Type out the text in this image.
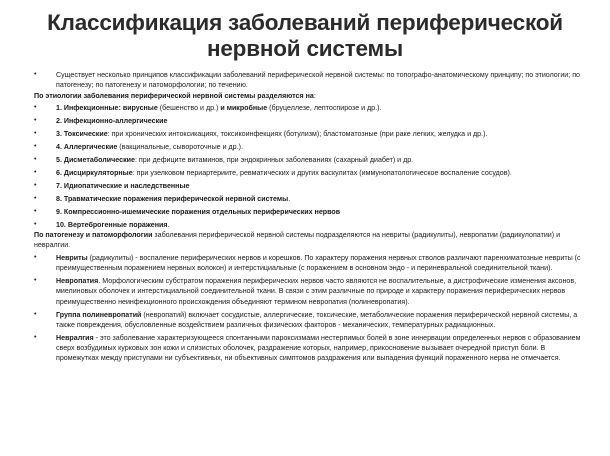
Классификация заболеваний периферической
нервной системы

•	Существует несколько принципов классификации заболеваний периферической нервной системы: по топографо-анатомическому принципу; по этиологии; по патогенезу; по патогенезу и патоморфологии; по течению.

По этиологии заболевания периферической нервной системы разделяются на:

•	1. Инфекционные: вирусные (бешенство и др.) и микробные (бруцеллезе, лептоспирозе и др.).

•	2. Инфекционно-аллергические

•	3. Токсические: при хронических интоксикациях, токсикоинфекциях (ботулизм); бластоматозные (при раке легких, желудка и др.).

•	4. Аллергические (вакцинальные, сывороточные и др.).

•	5. Дисметаболические: при дефиците витаминов, при эндокринных заболеваниях (сахарный диабет) и др.

•	6. Дисциркуляторные: при узелковом периартериите, ревматических и других васкулитах (иммунопатологическое воспаление сосудов).

•	7. Идиопатические и наследственные

•	8. Травматические поражения периферической нервной системы.

•	9. Компрессионно-ишемические поражения отдельных периферических нервов

•	10. Вертеброгенные поражения.

По патогенезу и патоморфологии заболевания периферической нервной системы подразделяются на невриты (радикулиты), невропатии (радикулопатии) и невралгии.

•	Невриты (радикулиты) - воспаление периферических нервов и корешков. По характеру поражения нервных стволов различают паренхиматозные невриты (с преимущественным поражением нервных волокон) и интерстициальные (с поражением в основном эндо - и периневральной соединительной ткани).

•	Невропатия. Морфологическим субстратом поражения периферических нервов часто являются не воспалительные, а дистрофические изменения аксонов, миелиновых оболочек и интерстициальной соединительной ткани. В связи с этим различные по природе и характеру поражения периферических нервов преимущественно неинфекционного происхождения объединяют термином невропатия (полиневропатия).

•	Группа полиневропатий (невропатий) включает сосудистые, аллергические, токсические, метаболические поражения периферической нервной системы, а также повреждения, обусловленные воздействием различных физических факторов - механических, температурных радиационных.

•	Невралгия - это заболевание характеризующееся спонтанными пароксизмами нестерпимых болей в зоне иннервации определенных нервов с образованием сверх возбудимых курковых зон кожи и слизистых оболочек, раздражение которых, например, прикосновение вызывает очередной приступ боли. В промежутках между приступами ни субъективных, ни объективных симптомов раздражения или выпадения функций пораженного нерва не отмечается.
